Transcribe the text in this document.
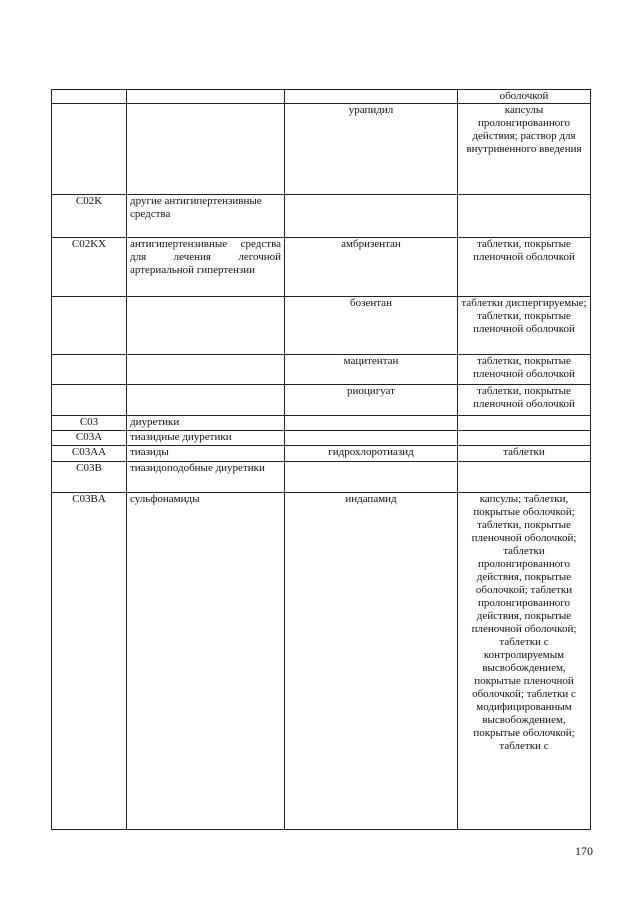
			оболочкой
		урапидил	капсулы пролонгированного действия; раствор для внутривенного введения
C02K	другие антигипертензивные средства		
C02KX	антигипертензивные средства для лечения легочной артериальной гипертензии	амбризентан	таблетки, покрытые пленочной оболочкой
		бозентан	таблетки диспергируемые; таблетки, покрытые пленочной оболочкой
		мацитентан	таблетки, покрытые пленочной оболочкой
		риоцигуат	таблетки, покрытые пленочной оболочкой
C03	диуретики		
C03A	тиазидные диуретики		
C03AA	тиазиды	гидрохлоротиазид	таблетки
C03B	тиазидоподобные диуретики		
C03BA	сульфонамиды	индапамид	капсулы; таблетки, покрытые оболочкой; таблетки, покрытые пленочной оболочкой; таблетки пролонгированного действия, покрытые оболочкой; таблетки пролонгированного действия, покрытые пленочной оболочкой; таблетки с контролируемым высвобождением, покрытые пленочной оболочкой; таблетки с модифицированным высвобождением, покрытые оболочкой; таблетки с
170
